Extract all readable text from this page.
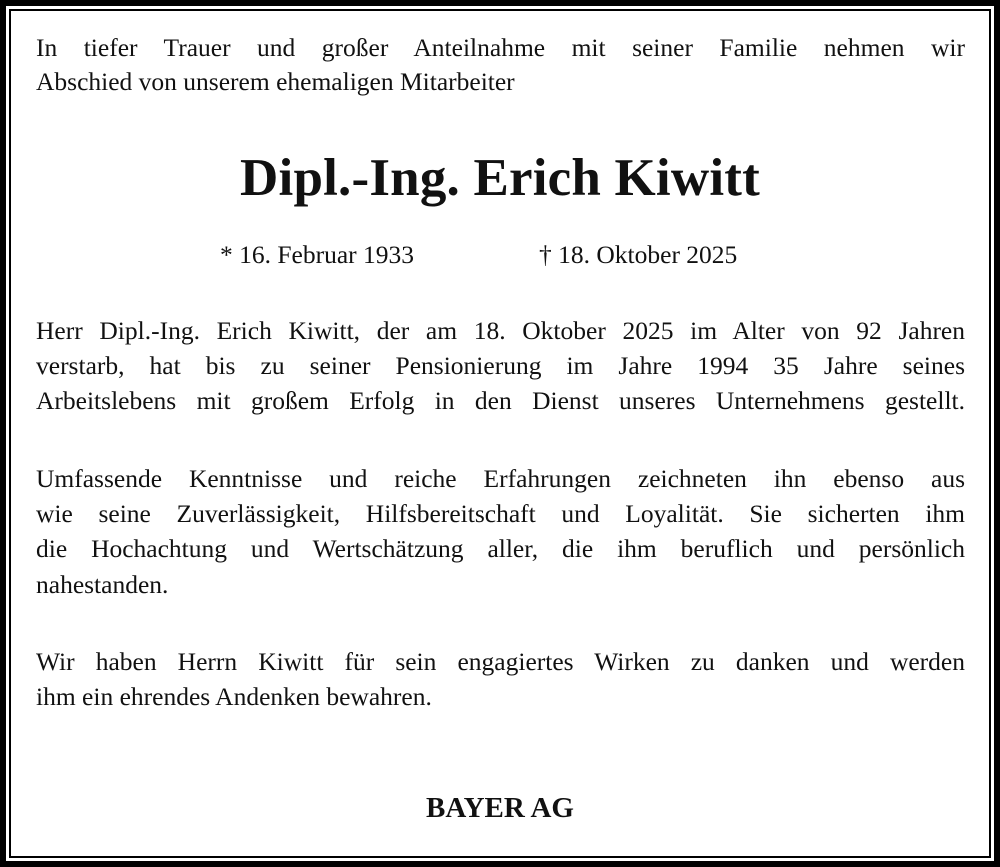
In tiefer Trauer und großer Anteilnahme mit seiner Familie nehmen wir
Abschied von unserem ehemaligen Mitarbeiter
Dipl.-Ing. Erich Kiwitt
* 16. Februar 1933	† 18. Oktober 2025
Herr Dipl.-Ing. Erich Kiwitt, der am 18. Oktober 2025 im Alter von 92 Jahren
verstarb, hat bis zu seiner Pensionierung im Jahre 1994 35 Jahre seines
Arbeitslebens mit großem Erfolg in den Dienst unseres Unternehmens gestellt.
Umfassende Kenntnisse und reiche Erfahrungen zeichneten ihn ebenso aus
wie seine Zuverlässigkeit, Hilfsbereitschaft und Loyalität. Sie sicherten ihm
die Hochachtung und Wertschätzung aller, die ihm beruflich und persönlich
nahestanden.
Wir haben Herrn Kiwitt für sein engagiertes Wirken zu danken und werden
ihm ein ehrendes Andenken bewahren.
BAYER AG
